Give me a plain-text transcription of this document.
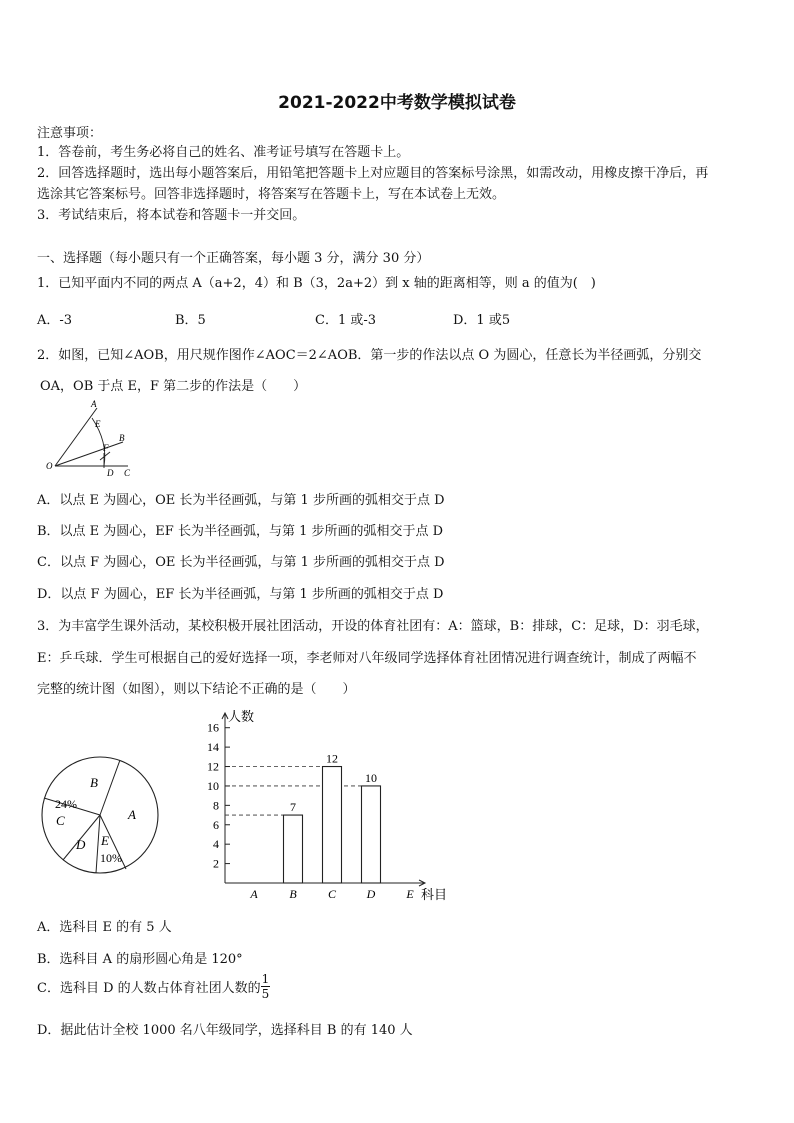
2021-2022中考数学模拟试卷
注意事项：
1．答卷前，考生务必将自己的姓名、准考证号填写在答题卡上。
2．回答选择题时，选出每小题答案后，用铅笔把答题卡上对应题目的答案标号涂黑，如需改动，用橡皮擦干净后，再
选涂其它答案标号。回答非选择题时，将答案写在答题卡上，写在本试卷上无效。
3．考试结束后，将本试卷和答题卡一并交回。
一、选择题（每小题只有一个正确答案，每小题 3 分，满分 30 分）
1．已知平面内不同的两点 A（a+2，4）和 B（3，2a+2）到 x 轴的距离相等，则 a 的值为(　)
A．-3	B．5	C．1 或-3	D．1 或5
2．如图，已知∠AOB，用尺规作图作∠AOC＝2∠AOB．第一步的作法以点 O 为圆心，任意长为半径画弧，分别交
OA，OB 于点 E，F 第二步的作法是（　　）
A
E
B
F
O
D C
A．以点 E 为圆心，OE 长为半径画弧，与第 1 步所画的弧相交于点 D
B．以点 E 为圆心，EF 长为半径画弧，与第 1 步所画的弧相交于点 D
C．以点 F 为圆心，OE 长为半径画弧，与第 1 步所画的弧相交于点 D
D．以点 F 为圆心，EF 长为半径画弧，与第 1 步所画的弧相交于点 D
3．为丰富学生课外活动，某校积极开展社团活动，开设的体育社团有：A：篮球，B：排球，C：足球，D：羽毛球，
E：乒乓球．学生可根据自己的爱好选择一项，李老师对八年级同学选择体育社团情况进行调查统计，制成了两幅不
完整的统计图（如图），则以下结论不正确的是（　　）
B
A
24%
C
D E
10%	2
4
6
8
10
12
14
16
7
12
10
A	B	C	D	E
人数
科目
A．选科目 E 的有 5 人
B．选科目 A 的扇形圆心角是 120°
C．选科目 D 的人数占体育社团人数的 $\frac{1}{5}$
D．据此估计全校 1000 名八年级同学，选择科目 B 的有 140 人
